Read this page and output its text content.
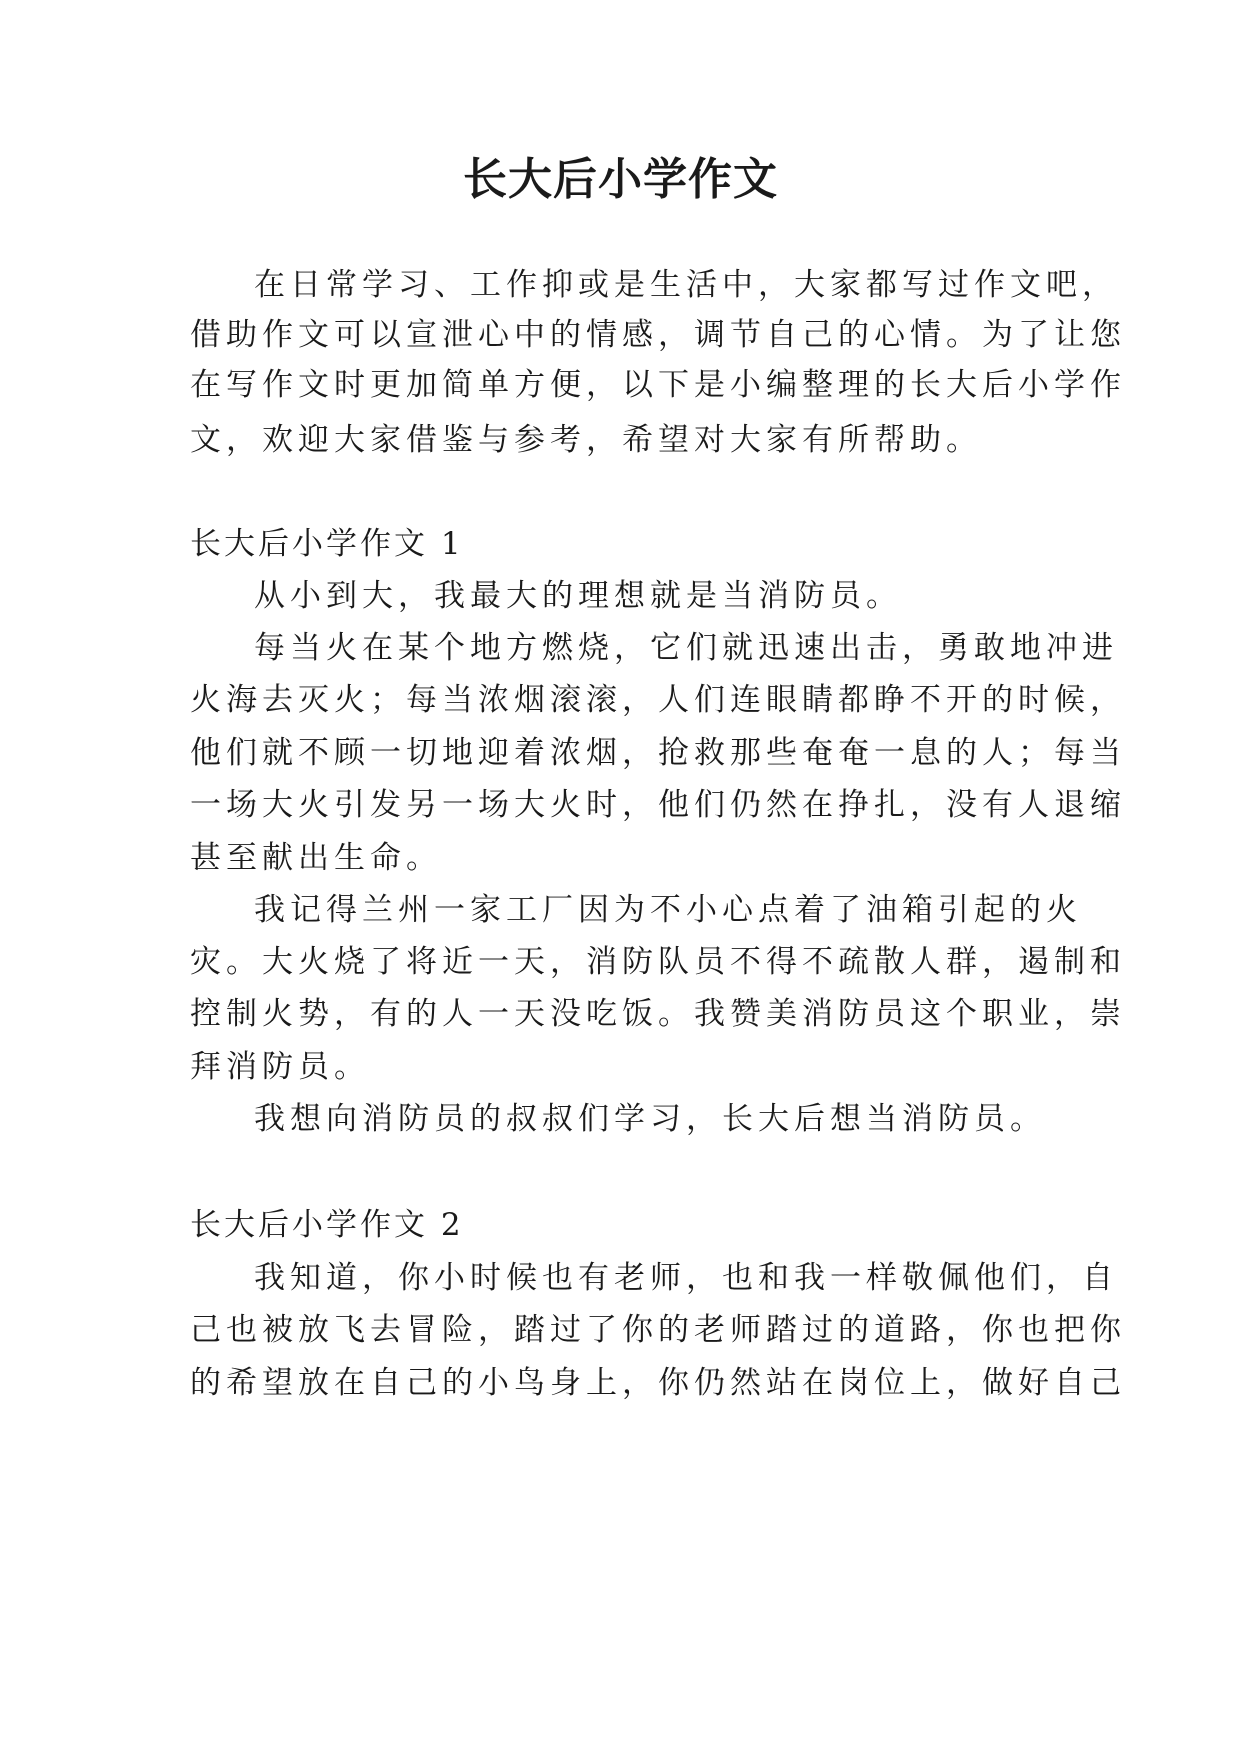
长大后小学作文

在日常学习、工作抑或是生活中，大家都写过作文吧，

借助作文可以宣泄心中的情感，调节自己的心情。为了让您

在写作文时更加简单方便，以下是小编整理的长大后小学作

文，欢迎大家借鉴与参考，希望对大家有所帮助。

长大后小学作文 1

从小到大，我最大的理想就是当消防员。

每当火在某个地方燃烧，它们就迅速出击，勇敢地冲进

火海去灭火；每当浓烟滚滚，人们连眼睛都睁不开的时候，

他们就不顾一切地迎着浓烟，抢救那些奄奄一息的人；每当

一场大火引发另一场大火时，他们仍然在挣扎，没有人退缩

甚至献出生命。

我记得兰州一家工厂因为不小心点着了油箱引起的火

灾。大火烧了将近一天，消防队员不得不疏散人群，遏制和

控制火势，有的人一天没吃饭。我赞美消防员这个职业，崇

拜消防员。

我想向消防员的叔叔们学习，长大后想当消防员。

长大后小学作文 2

我知道，你小时候也有老师，也和我一样敬佩他们，自

己也被放飞去冒险，踏过了你的老师踏过的道路，你也把你

的希望放在自己的小鸟身上，你仍然站在岗位上，做好自己
